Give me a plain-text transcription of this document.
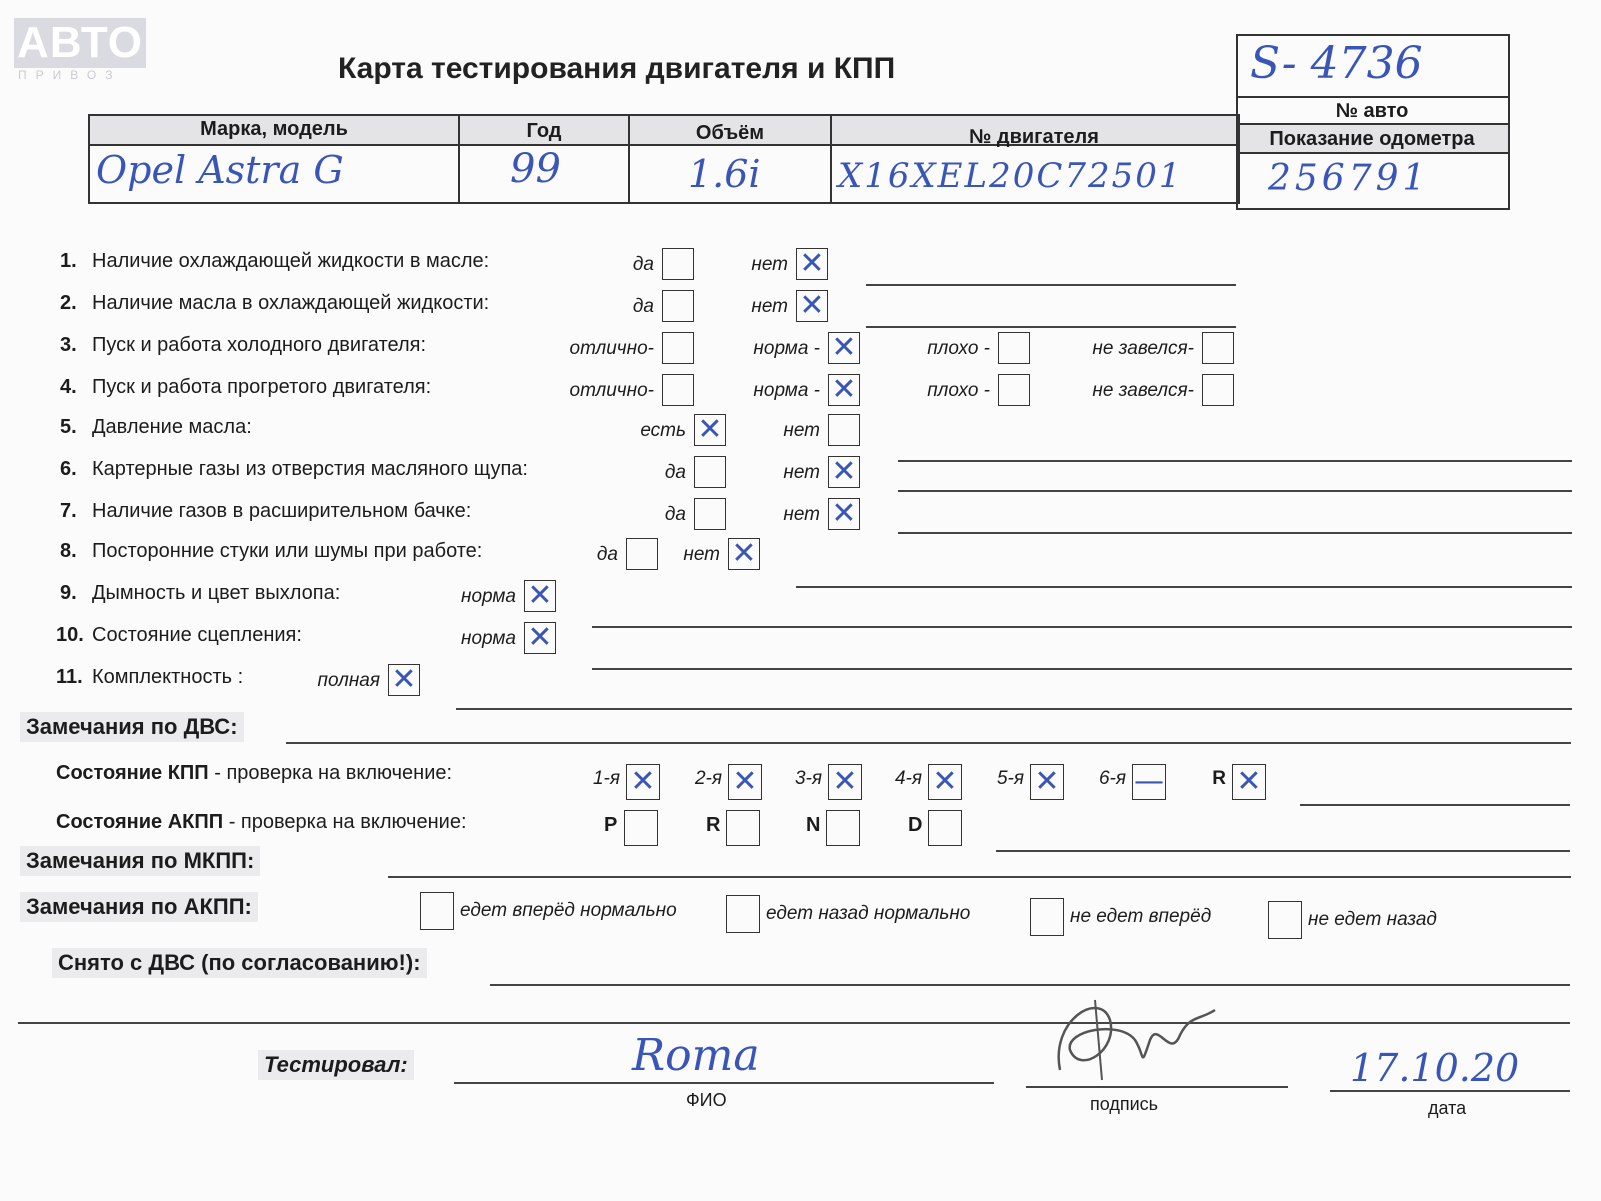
АВТО
ПРИВОЗ	Карта тестирования двигателя и КПП	S- 4736
№ авто
Показание одометра
256791
Марка, модель	Год	Объём	№ двигателя
Opel Astra G	99	1.6i X16XEL20C72501
1. Наличие охлаждающей жидкости в масле:	да	нет ✕
2. Наличие масла в охлаждающей жидкости:	да	нет ✕
3. Пуск и работа холодного двигателя:	отлично-	норма - ✕	плохо -	не завелся-
4. Пуск и работа прогретого двигателя:	отлично-	норма - ✕	плохо -	не завелся-
5. Давление масла:	есть ✕	нет
6. Картерные газы из отверстия масляного щупа:	да	нет ✕
7. Наличие газов в расширительном бачке:	да	нет ✕
8. Посторонние стуки или шумы при работе:	да	нет ✕
9. Дымность и цвет выхлопа:	норма ✕
10. Состояние сцепления:	норма ✕
11. Комплектность :	полная ✕
Замечания по ДВС:
Состояние КПП - проверка на включение:	1-я ✕ 2-я ✕ 3-я ✕ 4-я ✕ 5-я ✕ 6-я —	R ✕
Состояние АКПП - проверка на включение:	P	R	N	D
Замечания по МКПП:
Замечания по АКПП:	едет вперёд нормально	едет назад нормально	не едет вперёд	не едет назад
Снято с ДВС (по согласованию!):
Тестировал:	Roma
ФИО	подпись
17.10.20
дата
